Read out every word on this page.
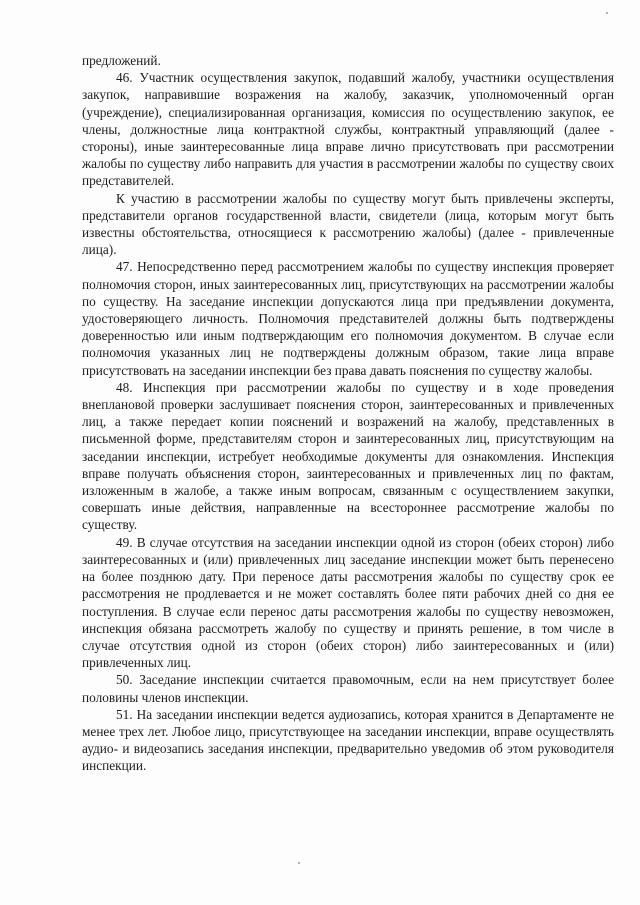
предложений.

46. Участник осуществления закупок, подавший жалобу, участники осуществления закупок, направившие возражения на жалобу, заказчик, уполномоченный орган (учреждение), специализированная организация, комиссия по осуществлению закупок, ее члены, должностные лица контрактной службы, контрактный управляющий (далее - стороны), иные заинтересованные лица вправе лично присутствовать при рассмотрении жалобы по существу либо направить для участия в рассмотрении жалобы по существу своих представителей.

К участию в рассмотрении жалобы по существу могут быть привлечены эксперты, представители органов государственной власти, свидетели (лица, которым могут быть известны обстоятельства, относящиеся к рассмотрению жалобы) (далее - привлеченные лица).

47. Непосредственно перед рассмотрением жалобы по существу инспекция проверяет полномочия сторон, иных заинтересованных лиц, присутствующих на рассмотрении жалобы по существу. На заседание инспекции допускаются лица при предъявлении документа, удостоверяющего личность. Полномочия представителей должны быть подтверждены доверенностью или иным подтверждающим его полномочия документом. В случае если полномочия указанных лиц не подтверждены должным образом, такие лица вправе присутствовать на заседании инспекции без права давать пояснения по существу жалобы.

48. Инспекция при рассмотрении жалобы по существу и в ходе проведения внеплановой проверки заслушивает пояснения сторон, заинтересованных и привлеченных лиц, а также передает копии пояснений и возражений на жалобу, представленных в письменной форме, представителям сторон и заинтересованных лиц, присутствующим на заседании инспекции, истребует необходимые документы для ознакомления. Инспекция вправе получать объяснения сторон, заинтересованных и привлеченных лиц по фактам, изложенным в жалобе, а также иным вопросам, связанным с осуществлением закупки, совершать иные действия, направленные на всестороннее рассмотрение жалобы по существу.

49. В случае отсутствия на заседании инспекции одной из сторон (обеих сторон) либо заинтересованных и (или) привлеченных лиц заседание инспекции может быть перенесено на более позднюю дату. При переносе даты рассмотрения жалобы по существу срок ее рассмотрения не продлевается и не может составлять более пяти рабочих дней со дня ее поступления. В случае если перенос даты рассмотрения жалобы по существу невозможен, инспекция обязана рассмотреть жалобу по существу и принять решение, в том числе в случае отсутствия одной из сторон (обеих сторон) либо заинтересованных и (или) привлеченных лиц.

50. Заседание инспекции считается правомочным, если на нем присутствует более половины членов инспекции.

51. На заседании инспекции ведется аудиозапись, которая хранится в Департаменте не менее трех лет. Любое лицо, присутствующее на заседании инспекции, вправе осуществлять аудио- и видеозапись заседания инспекции, предварительно уведомив об этом руководителя инспекции.
